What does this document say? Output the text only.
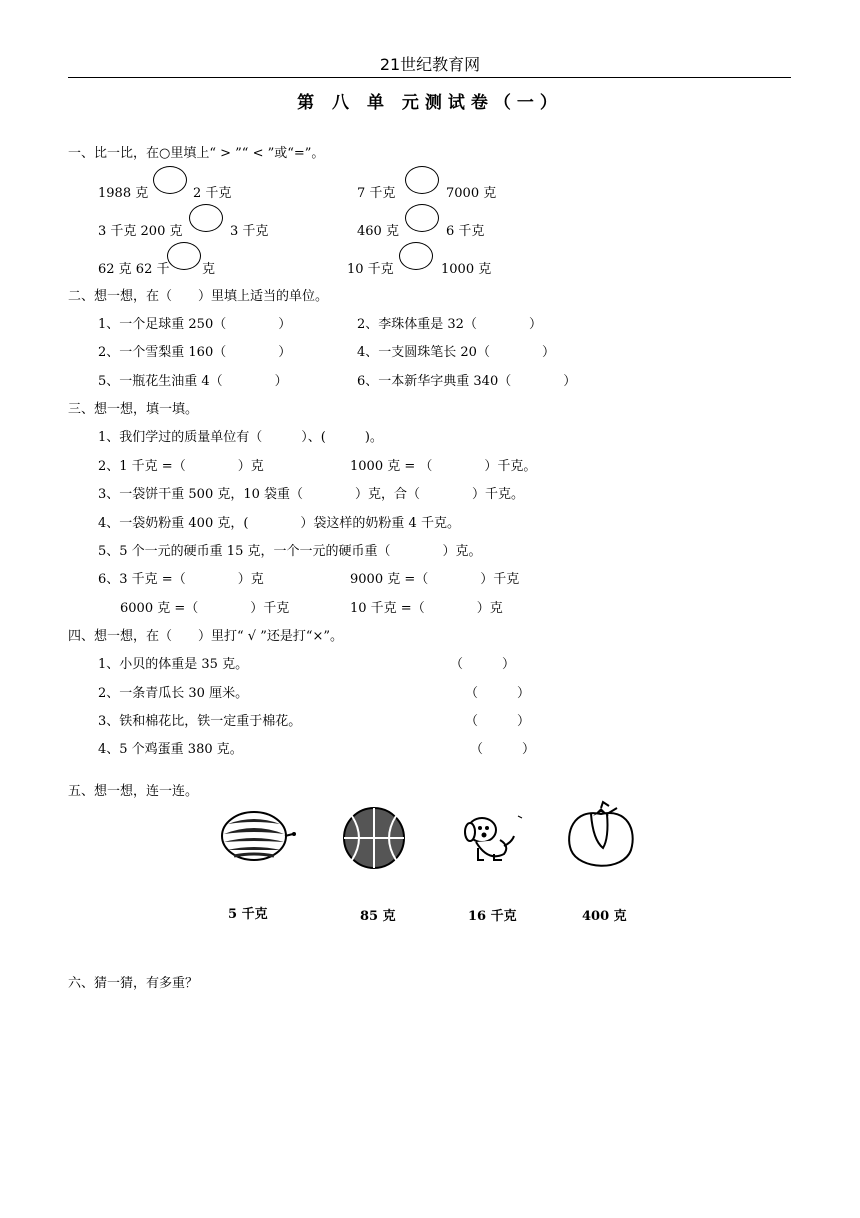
21世纪教育网
第 八 单 元测试卷（一）
一、比一比，在○里填上“ > ”“ < ”或“=”。
1988 克	2 千克	7 千克	7000 克
3 千克 200 克	3 千克	460 克	6 千克
62 克 62 千	克	10 千克	1000 克
二、想一想，在（　　）里填上适当的单位。
1、一个足球重 250（　　　　）	2、李珠体重是 32（　　　　）
2、一个雪梨重 160（　　　　）	4、一支圆珠笔长 20（　　　　）
5、一瓶花生油重 4（　　　　）	6、一本新华字典重 340（　　　　）
三、想一想，填一填。
1、我们学过的质量单位有（　　　）、(　　　)。
2、1 千克 =（　　　　）克	1000 克 = （　　　　）千克。
3、一袋饼干重 500 克，10 袋重（　　　　）克，合（　　　　）千克。
4、一袋奶粉重 400 克，(　　　　）袋这样的奶粉重 4 千克。
5、5 个一元的硬币重 15 克，一个一元的硬币重（　　　　）克。
6、3 千克 =（　　　　）克	9000 克 =（　　　　）千克
6000 克 =（　　　　）千克	10 千克 =（　　　　）克
四、想一想，在（　　）里打“ √ ”还是打“×”。
1、小贝的体重是 35 克。	（　　　）
2、一条青瓜长 30 厘米。	（　　　）
3、铁和棉花比，铁一定重于棉花。	（　　　）
4、5 个鸡蛋重 380 克。	（　　　）
五、想一想，连一连。
5 千克	85 克	16 千克	400 克
六、猜一猜，有多重？
